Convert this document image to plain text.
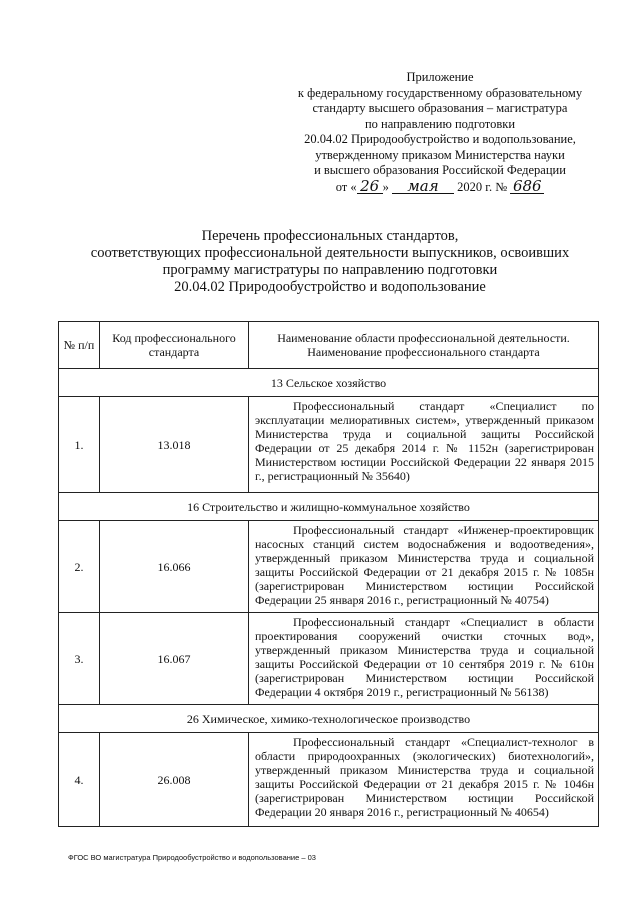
Приложение
к федеральному государственному образовательному
стандарту высшего образования – магистратура
по направлению подготовки
20.04.02 Природообустройство и водопользование,
утвержденному приказом Министерства науки
и высшего образования Российской Федерации
от « 26 » мая 2020 г. № 686
Перечень профессиональных стандартов,
соответствующих профессиональной деятельности выпускников, освоивших
программу магистратуры по направлению подготовки
20.04.02 Природообустройство и водопользование
№ п/п	Код профессионального стандарта	Наименование области профессиональной деятельности. Наименование профессионального стандарта
13 Сельское хозяйство		
1.	13.018	Профессиональный стандарт «Специалист по эксплуатации мелиоративных систем», утвержденный приказом Министерства труда и социальной защиты Российской Федерации от 25 декабря 2014 г. № 1152н (зарегистрирован Министерством юстиции Российской Федерации 22 января 2015 г., регистрационный № 35640)
16 Строительство и жилищно-коммунальное хозяйство		
2.	16.066	Профессиональный стандарт «Инженер-проектировщик насосных станций систем водоснабжения и водоотведения», утвержденный приказом Министерства труда и социальной защиты Российской Федерации от 21 декабря 2015 г. № 1085н (зарегистрирован Министерством юстиции Российской Федерации 25 января 2016 г., регистрационный № 40754)
3.	16.067	Профессиональный стандарт «Специалист в области проектирования сооружений очистки сточных вод», утвержденный приказом Министерства труда и социальной защиты Российской Федерации от 10 сентября 2019 г. № 610н (зарегистрирован Министерством юстиции Российской Федерации 4 октября 2019 г., регистрационный № 56138)
26 Химическое, химико-технологическое производство		
4.	26.008	Профессиональный стандарт «Специалист-технолог в области природоохранных (экологических) биотехнологий», утвержденный приказом Министерства труда и социальной защиты Российской Федерации от 21 декабря 2015 г. № 1046н (зарегистрирован Министерством юстиции Российской Федерации 20 января 2016 г., регистрационный № 40654)
ФГОС ВО магистратура Природообустройство и водопользование – 03
